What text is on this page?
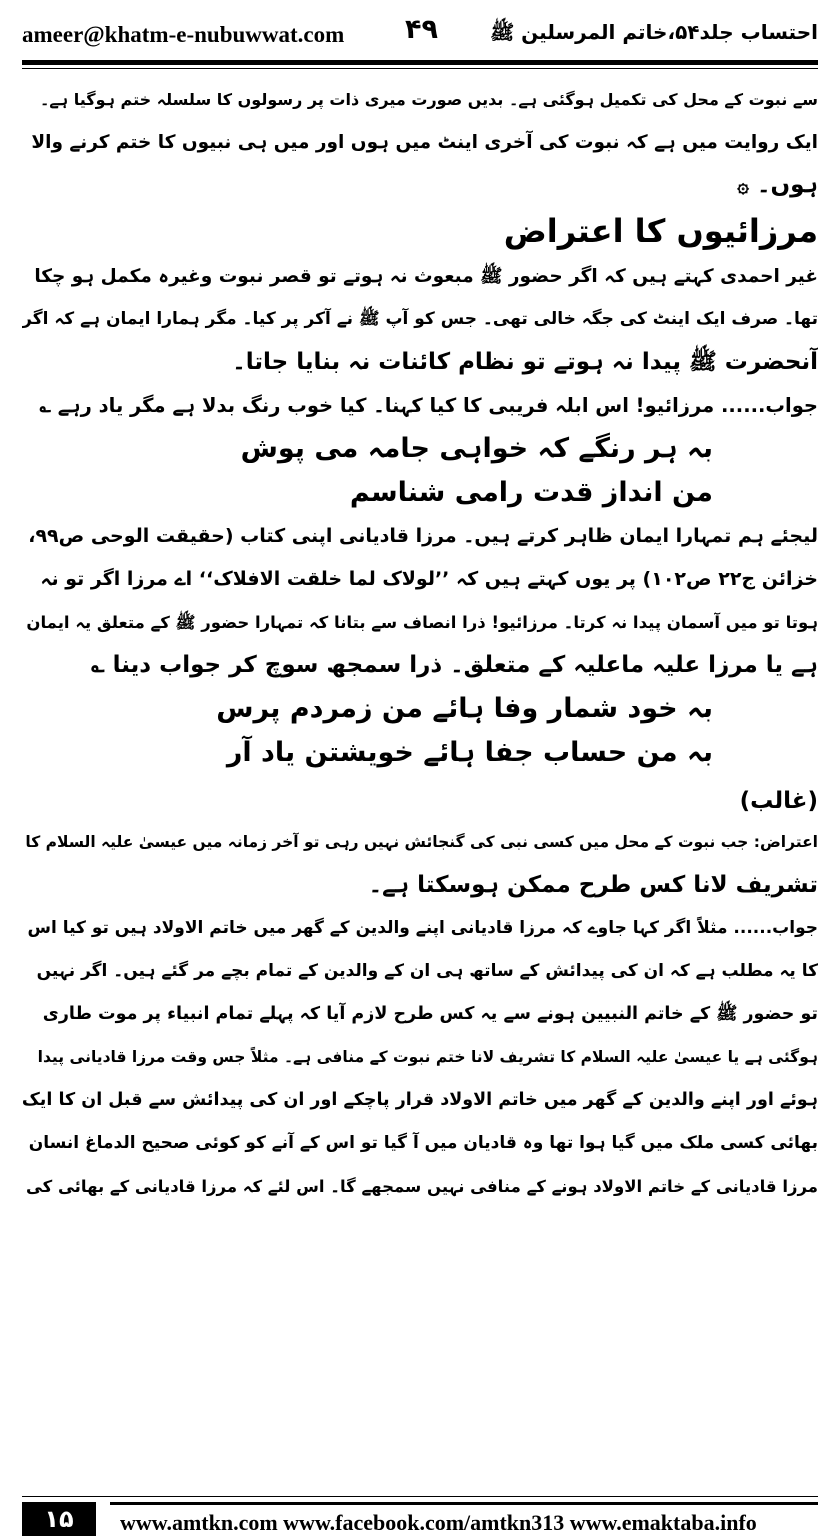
ameer@khatm-e-nubuwwat.com ۴۹	احتساب جلد۵۴،خاتم المرسلین ﷺ
سے نبوت کے محل کی تکمیل ہوگئی ہے۔ بدیں صورت میری ذات پر رسولوں کا سلسلہ ختم ہوگیا ہے۔
ایک روایت میں ہے کہ نبوت کی آخری اینٹ میں ہوں اور میں ہی نبیوں کا ختم کرنے والا
ہوں۔ ۞
مرزائیوں کا اعتراض
غیر احمدی کہتے ہیں کہ اگر حضور ﷺ مبعوث نہ ہوتے تو قصر نبوت وغیرہ مکمل ہو چکا
تھا۔ صرف ایک اینٹ کی جگہ خالی تھی۔ جس کو آپ ﷺ نے آکر پر کیا۔ مگر ہمارا ایمان ہے کہ اگر
آنحضرت ﷺ پیدا نہ ہوتے تو نظام کائنات نہ بنایا جاتا۔
جواب...... مرزائیو! اس ابلہ فریبی کا کیا کہنا۔ کیا خوب رنگ بدلا ہے مگر یاد رہے ؎
بہ ہر رنگے کہ خواہی جامہ می پوش
من انداز قدت رامی شناسم
لیجئے ہم تمہارا ایمان ظاہر کرتے ہیں۔ مرزا قادیانی اپنی کتاب (حقیقت الوحی ص۹۹،
خزائن ج۲۲ ص۱۰۲) پر یوں کہتے ہیں کہ ’’لولاک لما خلقت الافلاک‘‘ اے مرزا اگر تو نہ
ہوتا تو میں آسمان پیدا نہ کرتا۔ مرزائیو! ذرا انصاف سے بتانا کہ تمہارا حضور ﷺ کے متعلق یہ ایمان
ہے یا مرزا علیہ ماعلیہ کے متعلق۔ ذرا سمجھ سوچ کر جواب دینا ؎
بہ خود شمار وفا ہائے من زمردم پرس
بہ من حساب جفا ہائے خویشتن یاد آر
(غالب)
اعتراض: جب نبوت کے محل میں کسی نبی کی گنجائش نہیں رہی تو آخر زمانہ میں عیسیٰ علیہ السلام کا
تشریف لانا کس طرح ممکن ہوسکتا ہے۔
جواب...... مثلاً اگر کہا جاوے کہ مرزا قادیانی اپنے والدین کے گھر میں خاتم الاولاد ہیں تو کیا اس
کا یہ مطلب ہے کہ ان کی پیدائش کے ساتھ ہی ان کے والدین کے تمام بچے مر گئے ہیں۔ اگر نہیں
تو حضور ﷺ کے خاتم النبیین ہونے سے یہ کس طرح لازم آیا کہ پہلے تمام انبیاء پر موت طاری
ہوگئی ہے یا عیسیٰ علیہ السلام کا تشریف لانا ختم نبوت کے منافی ہے۔ مثلاً جس وقت مرزا قادیانی پیدا
ہوئے اور اپنے والدین کے گھر میں خاتم الاولاد قرار پاچکے اور ان کی پیدائش سے قبل ان کا ایک
بھائی کسی ملک میں گیا ہوا تھا وہ قادیان میں آ گیا تو اس کے آنے کو کوئی صحیح الدماغ انسان
مرزا قادیانی کے خاتم الاولاد ہونے کے منافی نہیں سمجھے گا۔ اس لئے کہ مرزا قادیانی کے بھائی کی
۱۵	www.amtkn.com www.facebook.com/amtkn313 www.emaktaba.info
